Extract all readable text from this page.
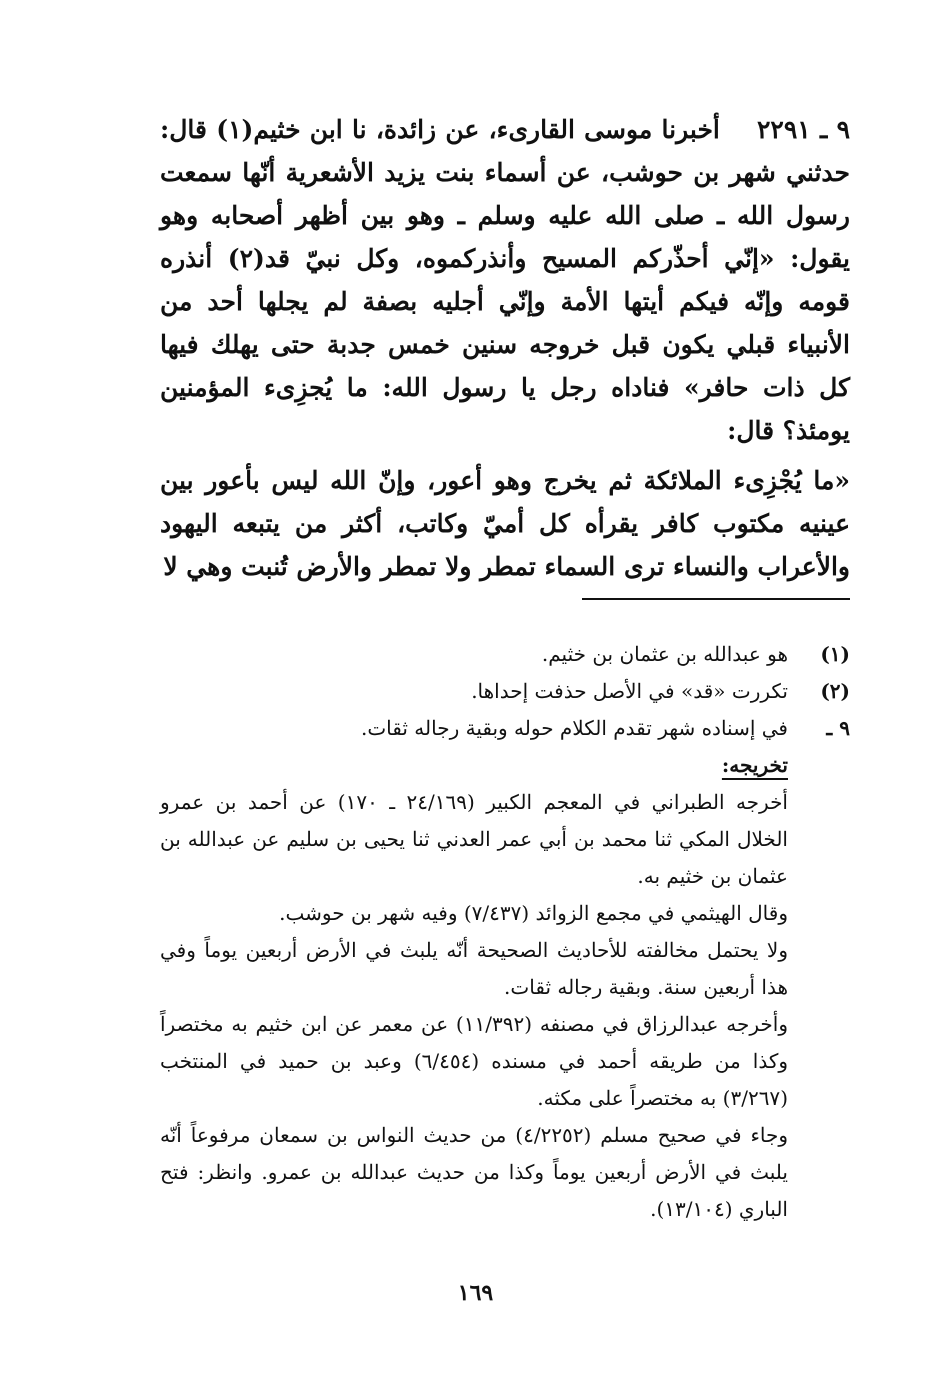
٩ ـ ٢٢٩١    أخبرنا موسى القارىء، عن زائدة، نا ابن خثيم(١) قال: حدثني شهر بن حوشب، عن أسماء بنت يزيد الأشعرية أنّها سمعت رسول الله ـ صلى الله عليه وسلم ـ وهو بين أظهر أصحابه وهو يقول: «إنّي أحذّركم المسيح وأنذركموه، وكل نبيّ قد(٢) أنذره قومه وإنّه فيكم أيتها الأمة وإنّي أجليه بصفة لم يجلها أحد من الأنبياء قبلي يكون قبل خروجه سنين خمس جدبة حتى يهلك فيها كل ذات حافر» فناداه رجل يا رسول الله: ما يُجزِىء المؤمنين يومئذ؟ قال:

«ما يُجْزِىء الملائكة ثم يخرج وهو أعور، وإنّ الله ليس بأعور بين عينيه مكتوب كافر يقرأه كل أميّ وكاتب، أكثر من يتبعه اليهود والأعراب والنساء ترى السماء تمطر ولا تمطر والأرض تُنبت وهي لا

(١)

هو عبدالله بن عثمان بن خثيم.

(٢)

تكررت «قد» في الأصل حذفت إحداها.

٩ ـ

في إسناده شهر تقدم الكلام حوله وبقية رجاله ثقات.

تخريجه:

أخرجه الطبراني في المعجم الكبير (٢٤/١٦٩ ـ ١٧٠) عن أحمد بن عمرو الخلال المكي ثنا محمد بن أبي عمر العدني ثنا يحيى بن سليم عن عبدالله بن عثمان بن خثيم به.

وقال الهيثمي في مجمع الزوائد (٧/٤٣٧) وفيه شهر بن حوشب.

ولا يحتمل مخالفته للأحاديث الصحيحة أنّه يلبث في الأرض أربعين يوماً وفي هذا أربعين سنة. وبقية رجاله ثقات.

وأخرجه عبدالرزاق في مصنفه (١١/٣٩٢) عن معمر عن ابن خثيم به مختصراً وكذا من طريقه أحمد في مسنده (٦/٤٥٤) وعبد بن حميد في المنتخب (٣/٢٦٧) به مختصراً على مكثه.

وجاء في صحيح مسلم (٤/٢٢٥٢) من حديث النواس بن سمعان مرفوعاً أنّه يلبث في الأرض أربعين يوماً وكذا من حديث عبدالله بن عمرو. وانظر: فتح الباري (١٣/١٠٤).

١٦٩
